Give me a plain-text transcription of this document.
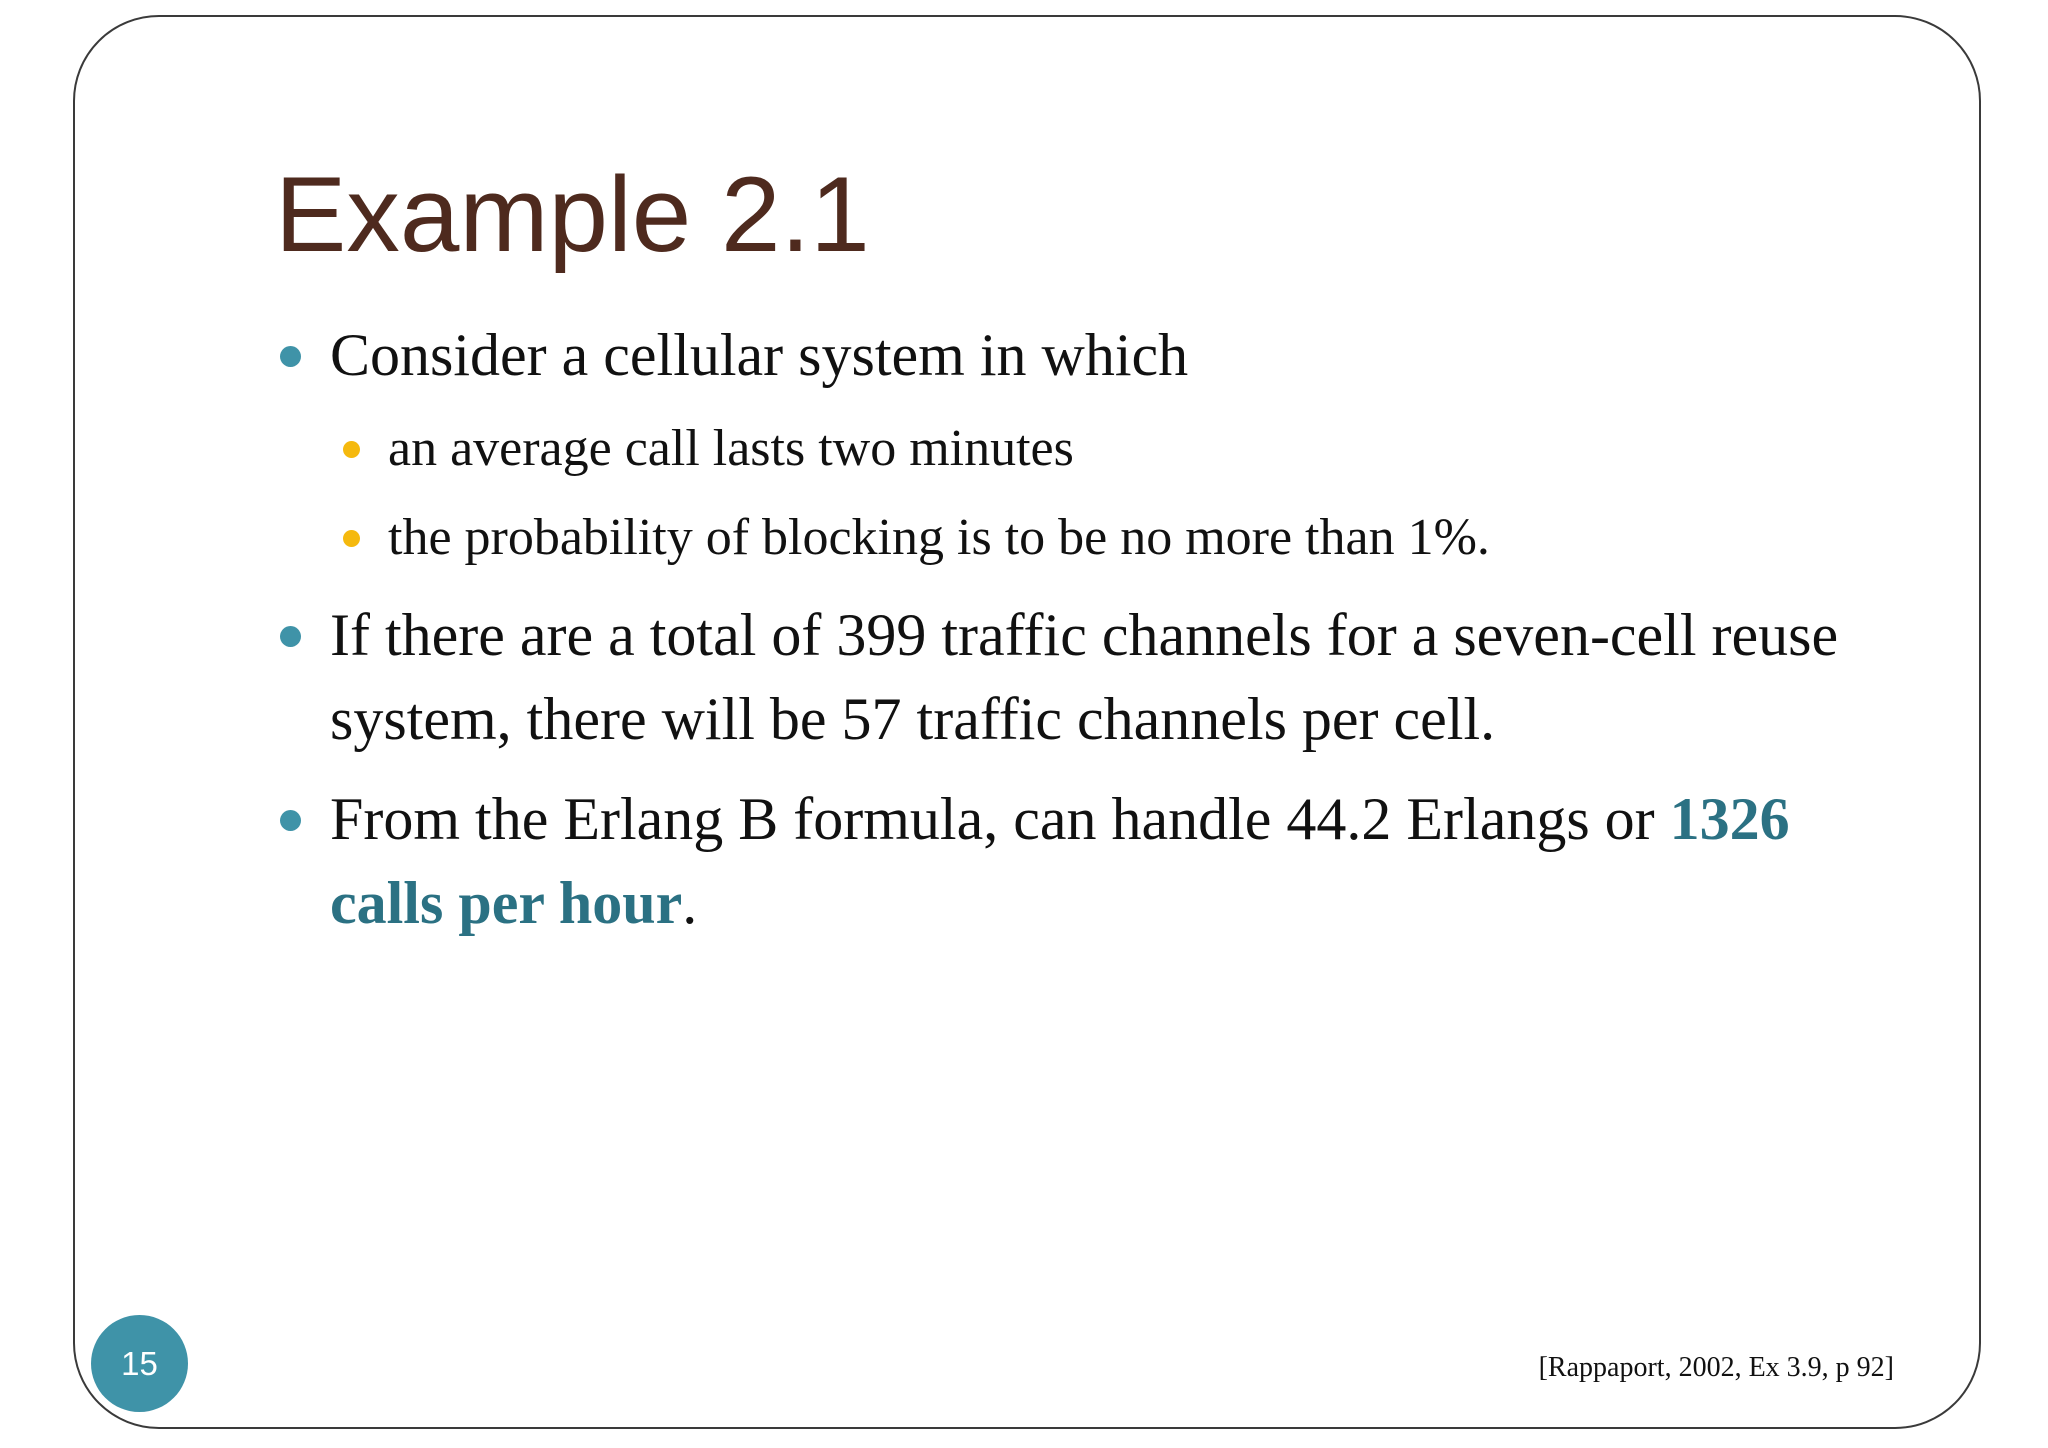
Example 2.1
Consider a cellular system in which
an average call lasts two minutes
the probability of blocking is to be no more than 1%.
If there are a total of 399 traffic channels for a seven-cell reuse system, there will be 57 traffic channels per cell.
From the Erlang B formula, can handle 44.2 Erlangs or 1326 calls per hour.
15	[Rappaport, 2002, Ex 3.9, p 92]
